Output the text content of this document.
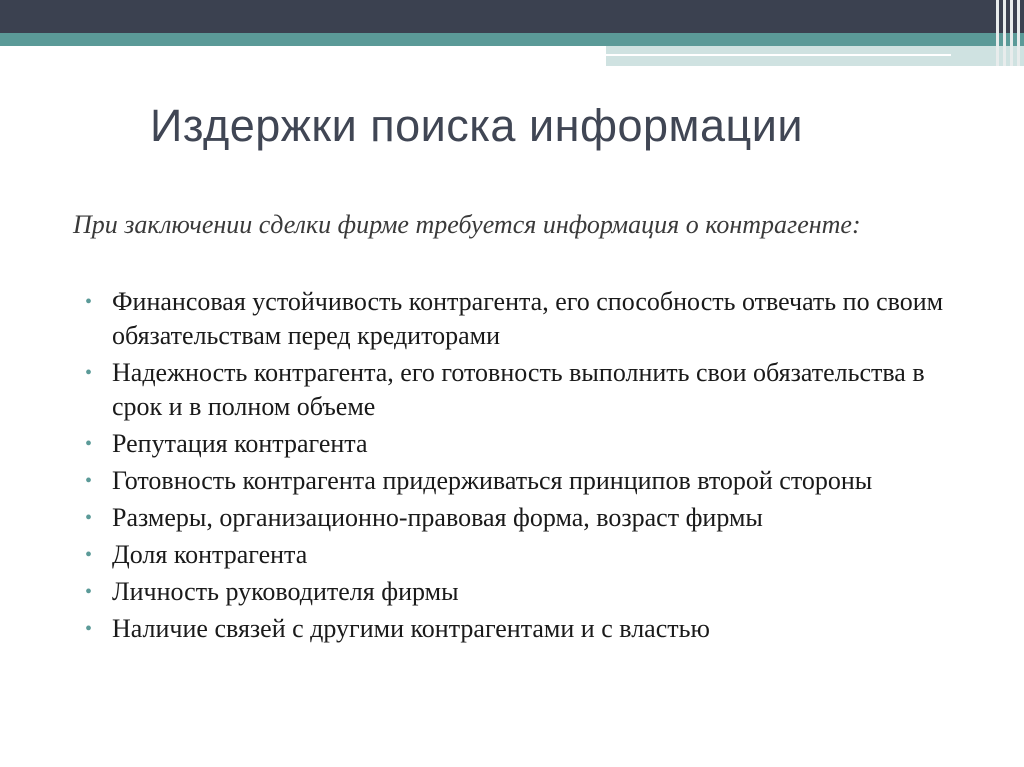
Издержки поиска информации
При заключении сделки фирме требуется информация о контрагенте:
• Финансовая устойчивость контрагента, его способность отвечать по своим обязательствам перед кредиторами
• Надежность контрагента, его готовность выполнить свои обязательства в срок и в полном объеме
• Репутация контрагента
• Готовность контрагента придерживаться принципов второй стороны
• Размеры, организационно-правовая форма, возраст фирмы
• Доля контрагента
• Личность руководителя фирмы
• Наличие связей с другими контрагентами и с властью
